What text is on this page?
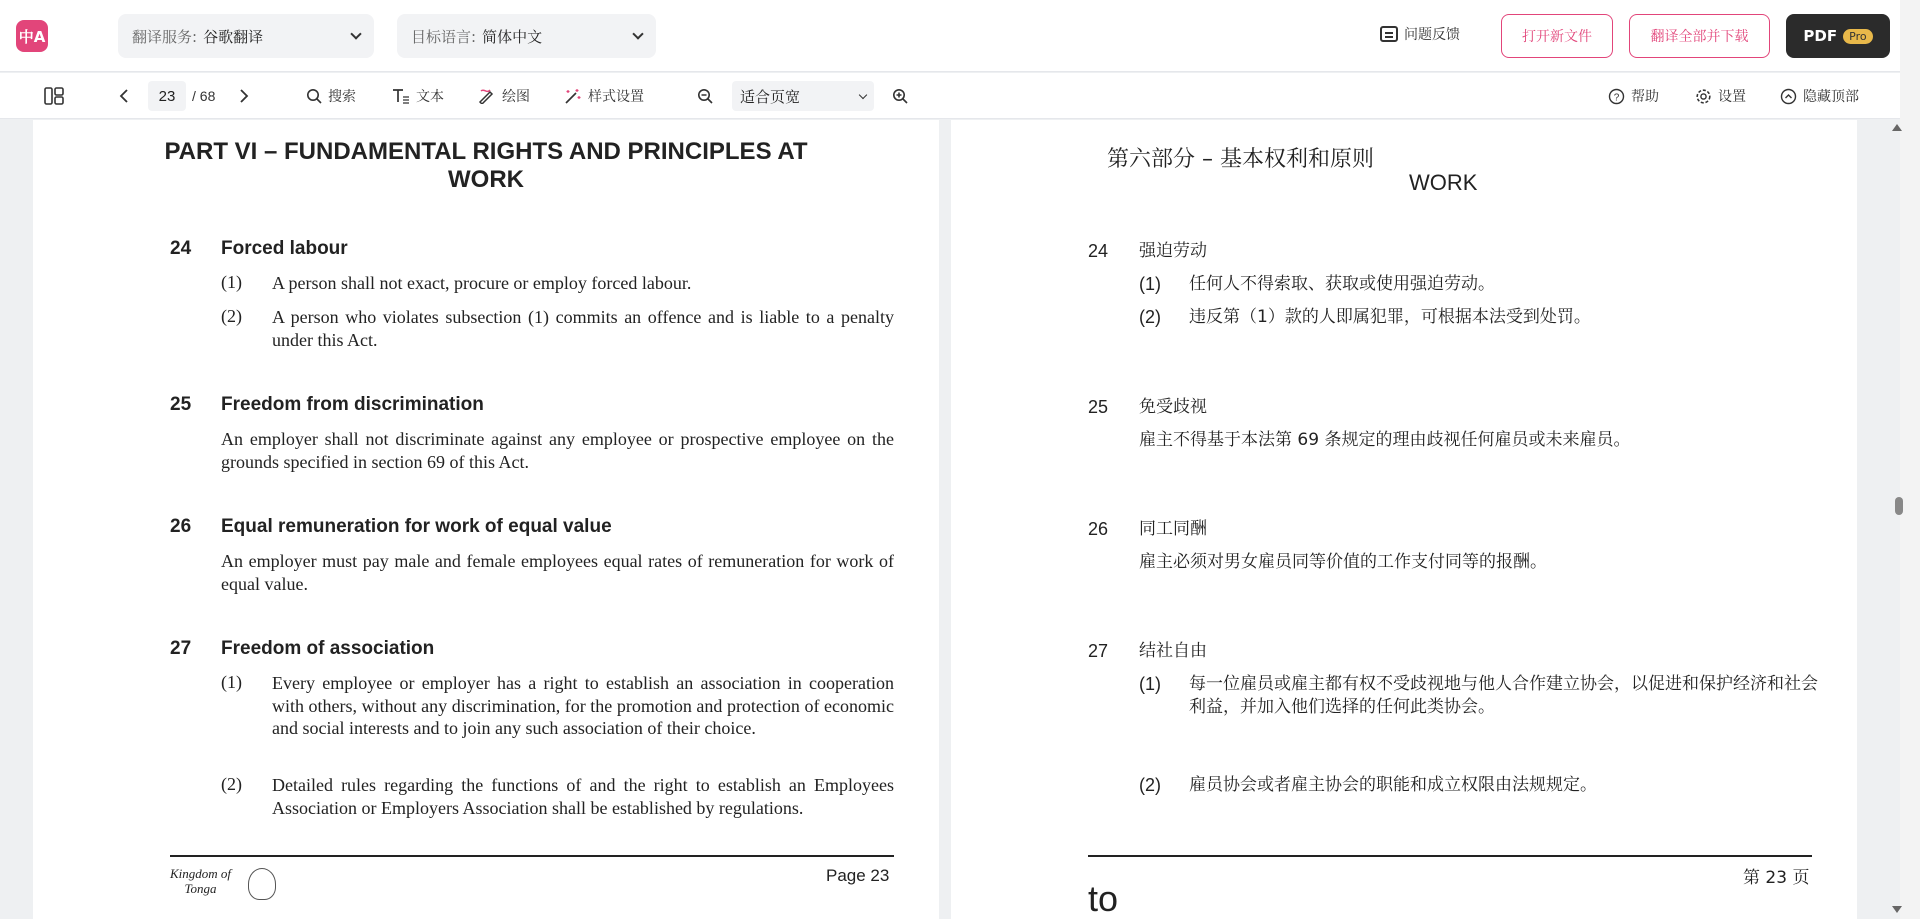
中A	翻译服务: 谷歌翻译	目标语言: 简体中文	问题反馈	打开新文件	翻译全部并下载	PDF	Pro
23
/ 68	搜索	文本	绘图	样式设置	适合页宽	? 帮助	设置	隐藏顶部
PART VI – FUNDAMENTAL RIGHTS AND PRINCIPLES AT
WORK
24 Forced labour
(1) A person shall not exact, procure or employ forced labour.
(2) A person who violates subsection (1) commits an offence and is liable to a penalty under this Act.
25 Freedom from discrimination
An employer shall not discriminate against any employee or prospective employee on the grounds specified in section 69 of this Act.
26 Equal remuneration for work of equal value
An employer must pay male and female employees equal rates of remuneration for work of equal value.
27 Freedom of association
(1) Every employee or employer has a right to establish an association in cooperation with others, without any discrimination, for the promotion and protection of economic and social interests and to join any such association of their choice.
(2) Detailed rules regarding the functions of and the right to establish an Employees Association or Employers Association shall be established by regulations.
Kingdom of
Tonga
Page 23
第六部分 – 基本权利和原则
WORK
24 强迫劳动
(1) 任何人不得索取、获取或使用强迫劳动。
(2) 违反第（1）款的人即属犯罪，可根据本法受到处罚。
25 免受歧视
雇主不得基于本法第 69 条规定的理由歧视任何雇员或未来雇员。
26 同工同酬
雇主必须对男女雇员同等价值的工作支付同等的报酬。
27 结社自由
(1) 每一位雇员或雇主都有权不受歧视地与他人合作建立协会，以促进和保护经济和社会利益，并加入他们选择的任何此类协会。
(2) 雇员协会或者雇主协会的职能和成立权限由法规规定。
第 23 页
to
